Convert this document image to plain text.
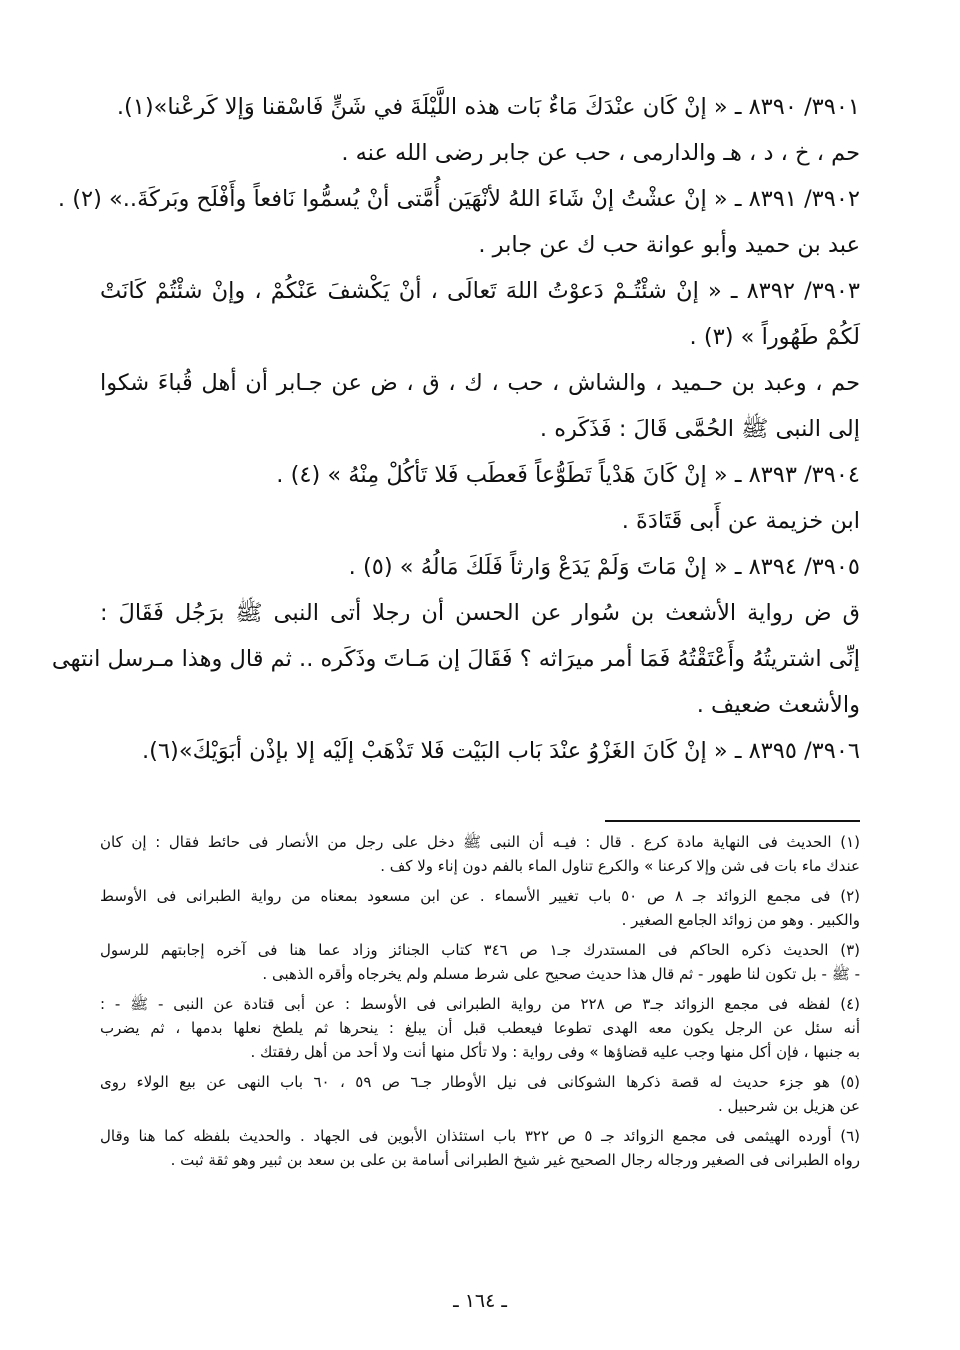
٣٩٠١/ ٨٣٩٠ ـ « إنْ كَان عنْدَكَ مَاءٌ بَات هذه اللَّيْلَةَ في شَنٍّ فَاسْقنا وَإلا كَرعْنا»(١).
حم ، خ ، د ، هـ والدارمى ، حب عن جابر رضى الله عنه .
٣٩٠٢/ ٨٣٩١ ـ « إنْ عشْتُ إنْ شَاءَ اللهُ لأنْهَيَن أُمَّتى أنْ يُسمُّوا نَافعاً وأَفْلَح وبَركَةَ..» (٢) .
عبد بن حميد وأبو عوانة حب ك عن جابر .
٣٩٠٣/ ٨٣٩٢ ـ « إنْ شئْتُـمْ دَعوْتُ اللهَ تَعالَى ، أنْ يَكْشفَ عَنْكُمْ ، وإنْ شئْتُمْ كَانَتْ
لَكُمْ طَهُوراً » (٣) .
حم ، وعبد بن حـميد ، والشاش ، حب ، ك ، ق ، ض عن جـابر أن أهل قُباءَ شكوا
إلى النبى ﷺ الحُمَّى قَالَ : فَذَكَره .
٣٩٠٤/ ٨٣٩٣ ـ « إنْ كَانَ هَدْياً تَطَوُّعاً فَعطَب فَلا تَأكُلْ مِنْهُ » (٤) .
ابن خزيمة عن أَبى قَتَادَةَ .
٣٩٠٥/ ٨٣٩٤ ـ « إنْ مَاتَ وَلَمْ يَدَعْ وَارثاً فَلَكَ مَالُهُ » (٥) .
ق ض رواية الأشعث بن سُوار عن الحسن أن رجلا أتى النبى ﷺ برَجُل فَقَالَ :
إنِّى اشتريتُهُ وأَعْتَقْتُهُ فَمَا أمر ميرَاثه ؟ فَقَالَ إن مَـاتَ وذَكَره .. ثم قال وهذا مـرسل انتهى
والأشعث ضعيف .
٣٩٠٦/ ٨٣٩٥ ـ « إنْ كَانَ الغَزْوُ عنْدَ بَاب البَيْت فَلا تَذْهَبْ إلَيْه إلا بإذْن أبَوَيْكَ»(٦).
(١) الحديث فى النهاية مادة كرع . قال : فيـه أن النبى ﷺ دخل على رجل من الأنصار فى حائط فقال : إن كان
عندك ماء بات فى شن وإلا كرعنا » والكرع تناول الماء بالفم دون إناء ولا كف .
(٢) فى مجمع الزوائد جـ ٨ ص ٥٠ باب تغيير الأسماء . عن ابن مسعود بمعناه من رواية الطبرانى فى الأوسط
والكبير . وهو من زوائد الجامع الصغير .
(٣) الحديث ذكره الحاكم فى المستدرك جـ١ ص ٣٤٦ كتاب الجنائز وزاد عما هنا فى آخره إجابتهم للرسول
- ﷺ - بل تكون لنا طهور - ثم قال هذا حديث صحيح على شرط مسلم ولم يخرجاه وأقره الذهبى .
(٤) لفظه فى مجمع الزوائد جـ٣ ص ٢٢٨ من رواية الطبرانى فى الأوسط : عن أبى قتادة عن النبى - ﷺ - :
أنه سئل عن الرجل يكون معه الهدى تطوعا فيعطب قبل أن يبلغ : ينحرها ثم يلطخ نعلها بدمها ، ثم يضرب
به جنبها ، فإن أكل منها وجب عليه قضاؤها » وفى رواية : ولا تأكل منها أنت ولا أحد من أهل رفقتك .
(٥) هو جزء حديث له قصة ذكرها الشوكانى فى نيل الأوطار جـ٦ ص ٥٩ ، ٦٠ باب النهى عن بيع الولاء روى
عن هزيل بن شرحبيل .
(٦) أورده الهيثمى فى مجمع الزوائد جـ ٥ ص ٣٢٢ باب استئذان الأبوين فى الجهاد . والحديث بلفظه كما هنا وقال
رواه الطبرانى فى الصغير ورجاله رجال الصحيح غير شيخ الطبرانى أسامة بن على بن سعد بن ثبير وهو ثقة ثبت .
ـ ١٦٤ ـ
